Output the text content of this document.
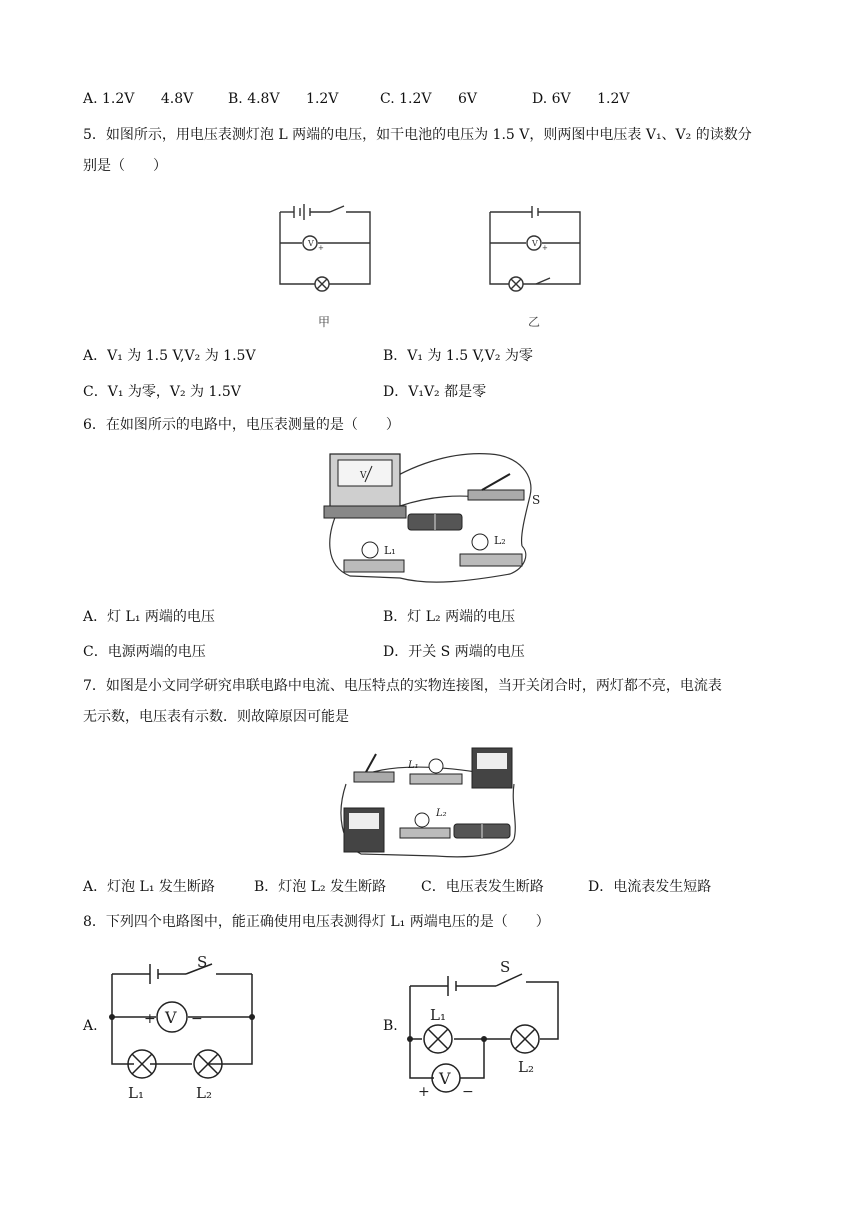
A. 1.2V 4.8V B. 4.8V 1.2V	C. 1.2V 6V	D. 6V 1.2V
5．如图所示，用电压表测灯泡 L 两端的电压，如干电池的电压为 1.5 V，则两图中电压表 V₁、V₂ 的读数分
别是（　　）
V +	V +
甲	乙
A．V₁ 为 1.5 V,V₂ 为 1.5V	B．V₁ 为 1.5 V,V₂ 为零
C．V₁ 为零，V₂ 为 1.5V	D．V₁V₂ 都是零
6．在如图所示的电路中，电压表测量的是（　　）
V
S
L₁
L₂
A．灯 L₁ 两端的电压	B．灯 L₂ 两端的电压
C．电源两端的电压	D．开关 S 两端的电压
7．如图是小文同学研究串联电路中电流、电压特点的实物连接图，当开关闭合时，两灯都不亮，电流表
无示数，电压表有示数．则故障原因可能是
L₁
L₂
A．灯泡 L₁ 发生断路	B．灯泡 L₂ 发生断路 C．电压表发生断路	D．电流表发生短路
8．下列四个电路图中，能正确使用电压表测得灯 L₁ 两端电压的是（　　）
A.
S
V
+	−
L₁	L₂
B.
S
V
+ −
L₁
L₂
